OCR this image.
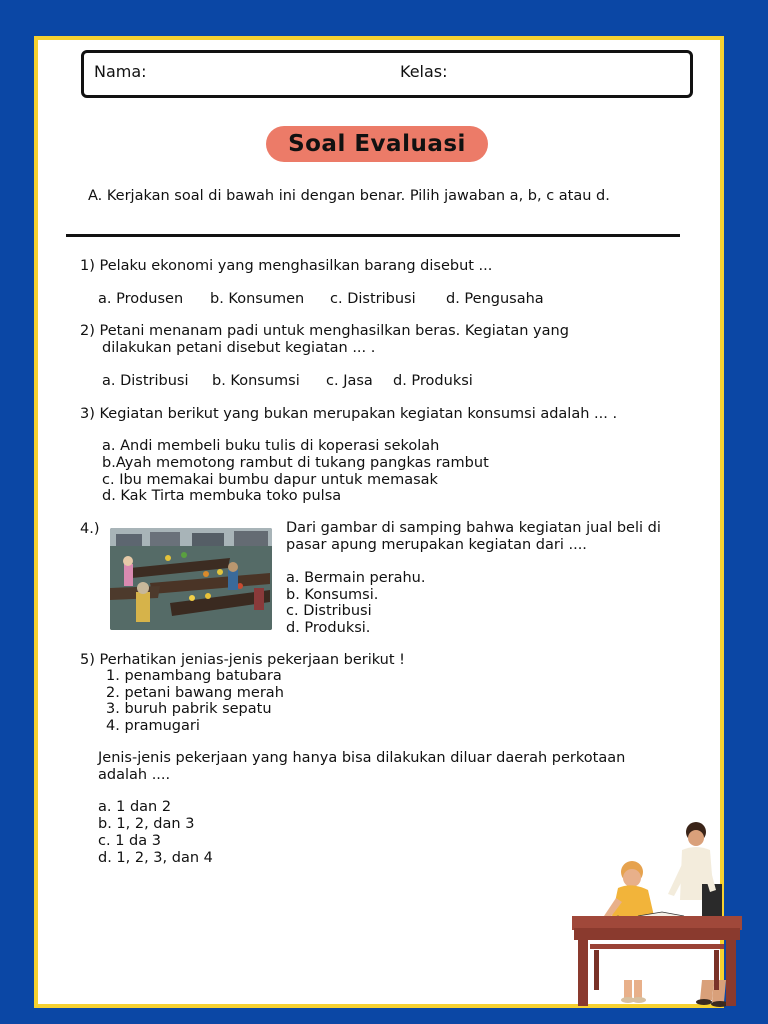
Nama:	Kelas:
Soal Evaluasi
A. Kerjakan soal di bawah ini dengan benar. Pilih jawaban a, b, c atau d.
1) Pelaku ekonomi yang menghasilkan barang disebut ...
a. Produsen b. Konsumen c. Distribusi d. Pengusaha
2) Petani menanam padi untuk menghasilkan beras. Kegiatan yang
dilakukan petani disebut kegiatan ... .
a. Distribusi b. Konsumsi c. Jasa d. Produksi
3) Kegiatan berikut yang bukan merupakan kegiatan konsumsi adalah ... .
a. Andi membeli buku tulis di koperasi sekolah
b.Ayah memotong rambut di tukang pangkas rambut
c. Ibu memakai bumbu dapur untuk memasak
d. Kak Tirta membuka toko pulsa
4.)	Dari gambar di samping bahwa kegiatan jual beli di
pasar apung merupakan kegiatan dari ....
a. Bermain perahu.
b. Konsumsi.
c. Distribusi
d. Produksi.
5) Perhatikan jenias-jenis pekerjaan berikut !
1. penambang batubara
2. petani bawang merah
3. buruh pabrik sepatu
4. pramugari
Jenis-jenis pekerjaan yang hanya bisa dilakukan diluar daerah perkotaan
adalah ....
a. 1 dan 2
b. 1, 2, dan 3
c. 1 da 3
d. 1, 2, 3, dan 4
